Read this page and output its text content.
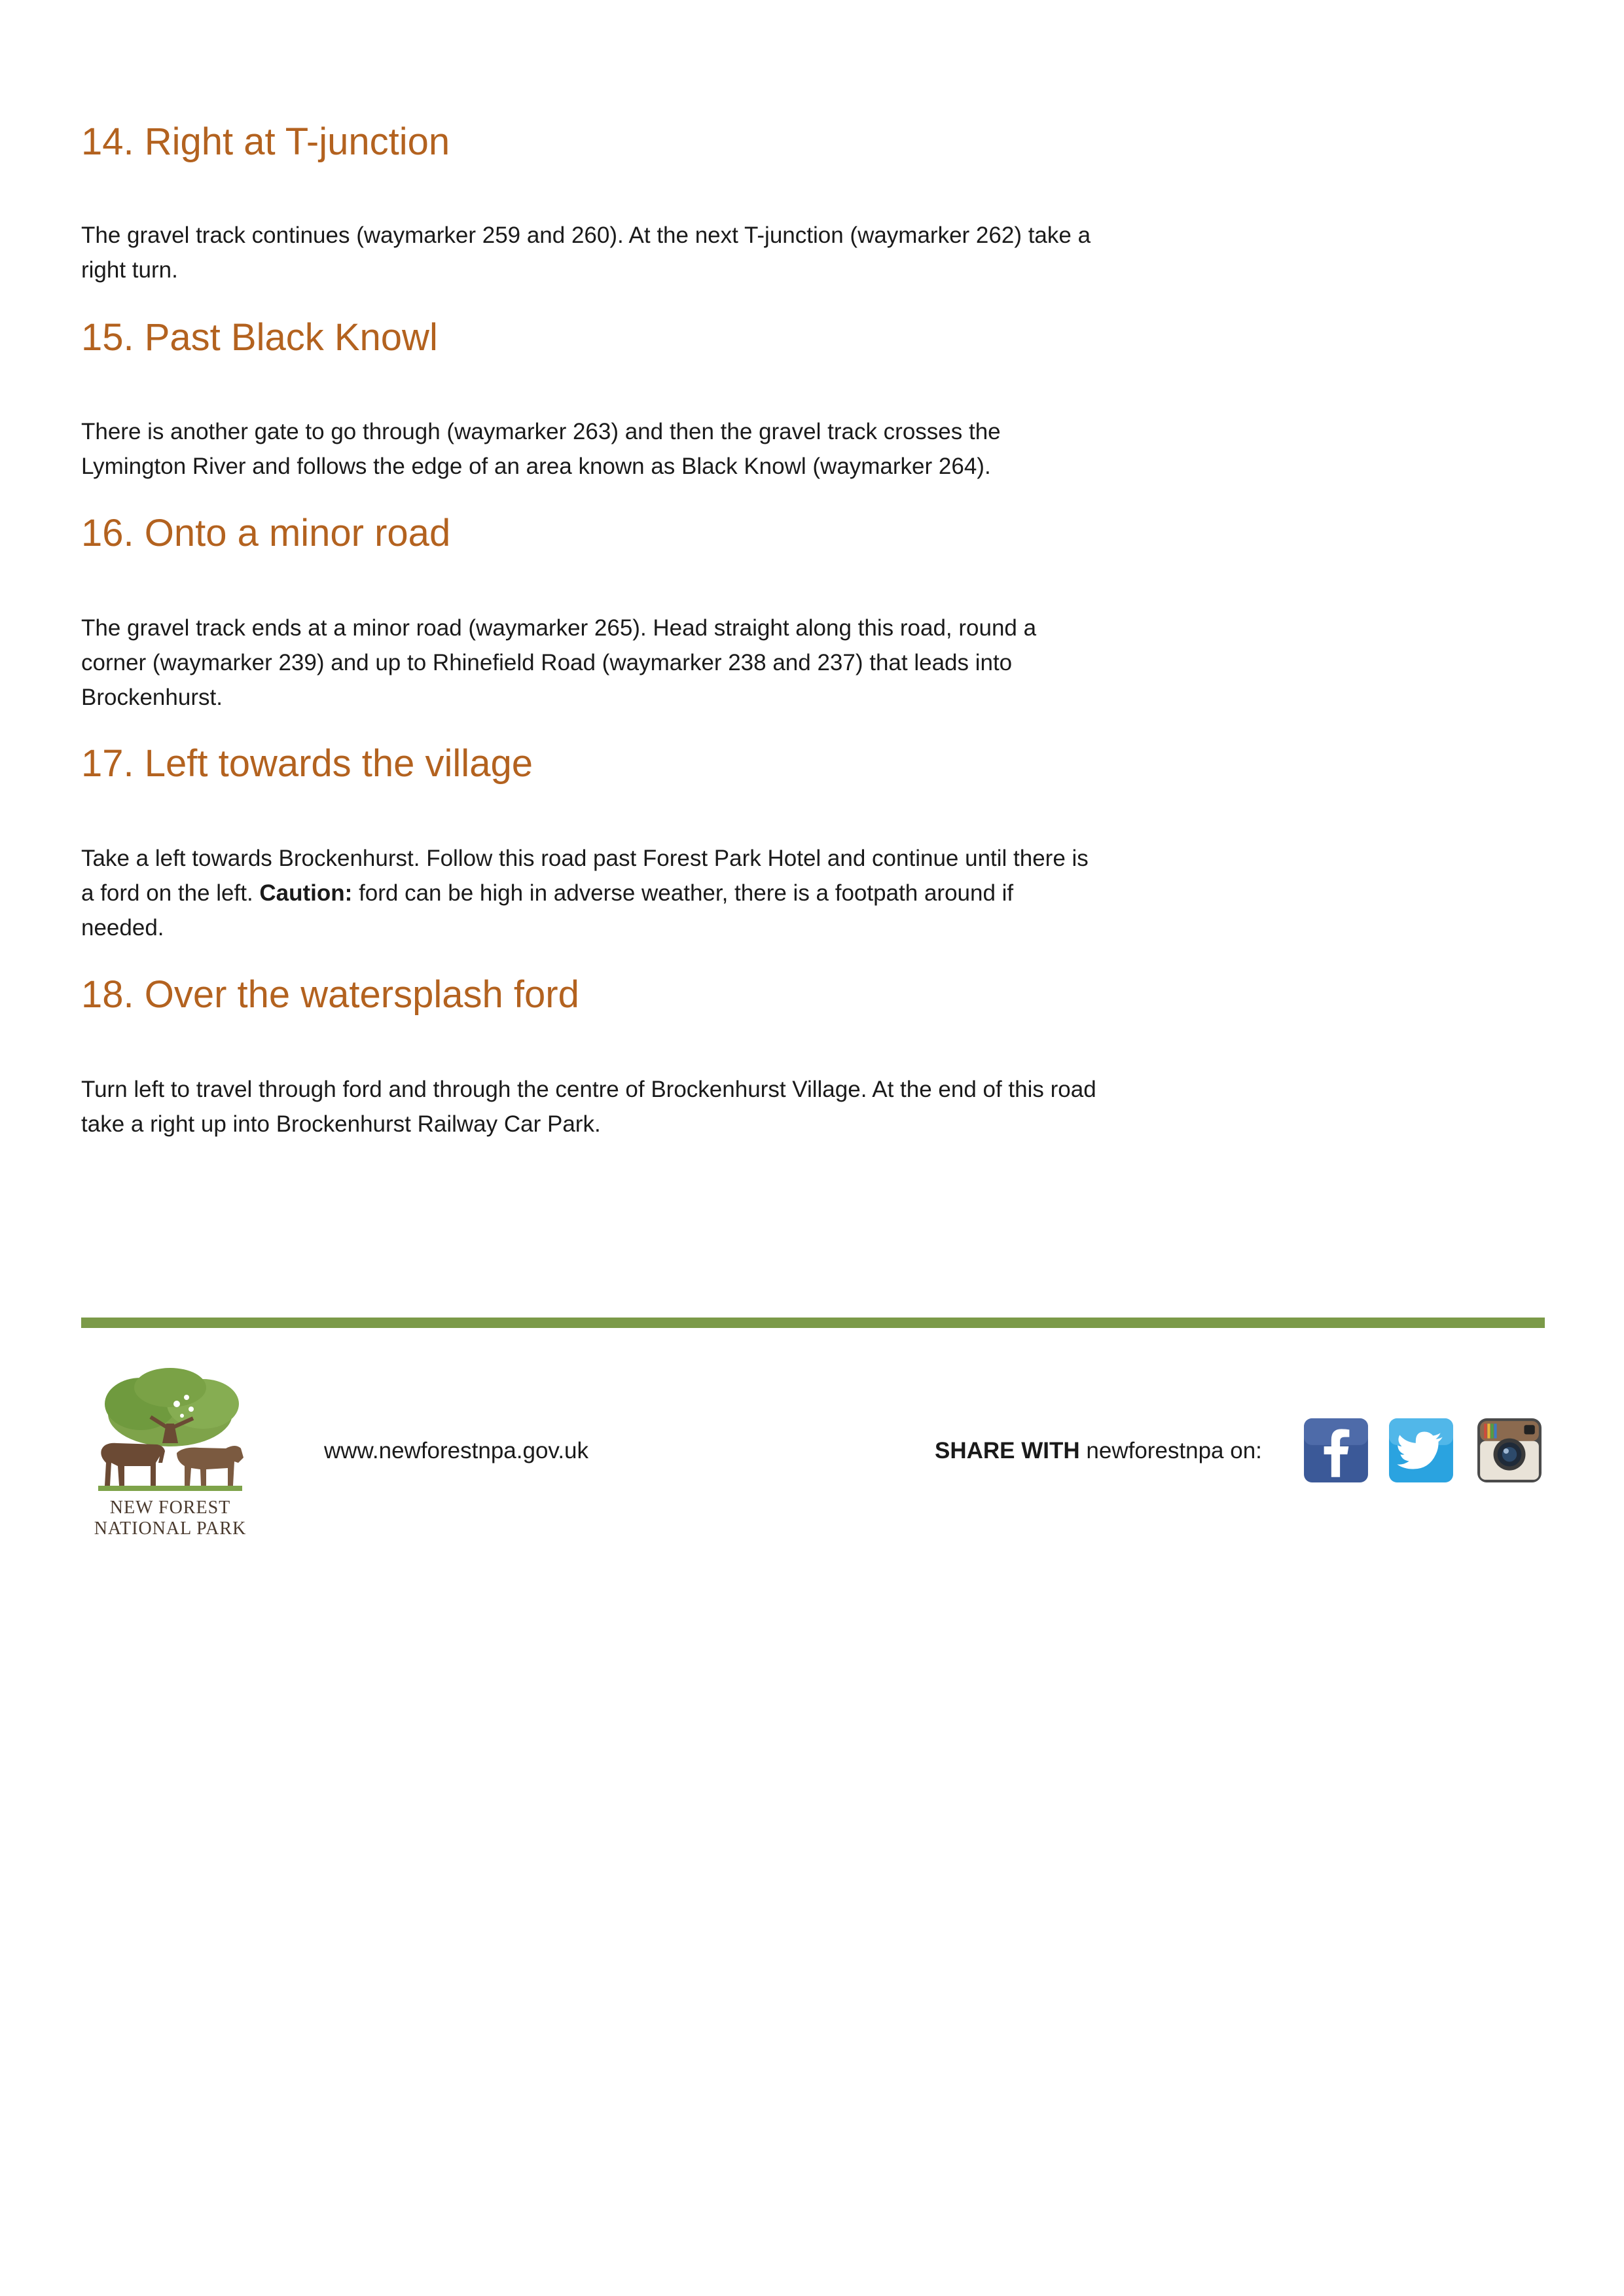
14. Right at T-junction

The gravel track continues (waymarker 259 and 260). At the next T-junction (waymarker 262) take a right turn.

15. Past Black Knowl

There is another gate to go through (waymarker 263) and then the gravel track crosses the Lymington River and follows the edge of an area known as Black Knowl (waymarker 264).

16. Onto a minor road

The gravel track ends at a minor road (waymarker 265). Head straight along this road, round a corner (waymarker 239) and up to Rhinefield Road (waymarker 238 and 237) that leads into Brockenhurst.

17. Left towards the village

Take a left towards Brockenhurst. Follow this road past Forest Park Hotel and continue until there is a ford on the left. Caution: ford can be high in adverse weather, there is a footpath around if needed.

18. Over the watersplash ford

Turn left to travel through ford and through the centre of Brockenhurst Village. At the end of this road take a right up into Brockenhurst Railway Car Park.

NEW FOREST
NATIONAL PARK
www.newforestnpa.gov.uk	SHARE WITH newforestnpa on:
